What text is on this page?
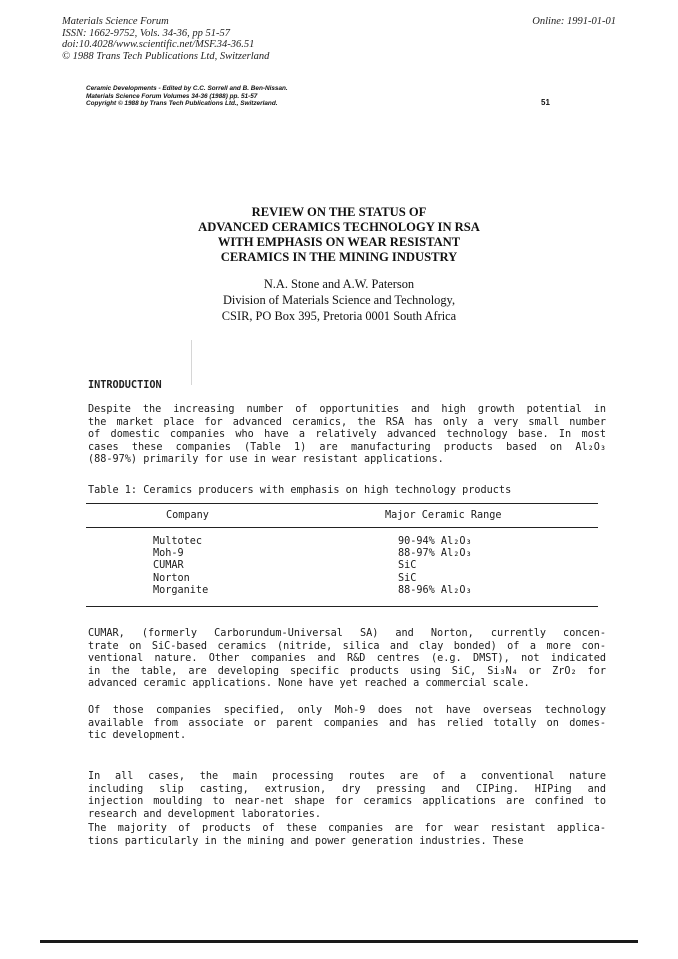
Materials Science Forum
ISSN: 1662-9752, Vols. 34-36, pp 51-57
doi:10.4028/www.scientific.net/MSF.34-36.51
© 1988 Trans Tech Publications Ltd, Switzerland
Online: 1991-01-01
Ceramic Developments - Edited by C.C. Sorrell and B. Ben-Nissan.
Materials Science Forum Volumes 34-36 (1988) pp. 51-57
Copyright © 1988 by Trans Tech Publications Ltd., Switzerland.	51
REVIEW ON THE STATUS OF
ADVANCED CERAMICS TECHNOLOGY IN RSA
WITH EMPHASIS ON WEAR RESISTANT
CERAMICS IN THE MINING INDUSTRY
N.A. Stone and A.W. Paterson
Division of Materials Science and Technology,
CSIR, PO Box 395, Pretoria 0001 South Africa
INTRODUCTION
Despite the increasing number of opportunities and high growth potential in
the market place for advanced ceramics, the RSA has only a very small number
of domestic companies who have a relatively advanced technology base. In most
cases these companies (Table 1) are manufacturing products based on Al₂O₃
(88-97%) primarily for use in wear resistant applications.
Table 1: Ceramics producers with emphasis on high technology products
Company	Major Ceramic Range
Multotec
Moh-9
CUMAR
Norton
Morganite
90-94% Al₂O₃
88-97% Al₂O₃
SiC
SiC
88-96% Al₂O₃
CUMAR, (formerly Carborundum-Universal SA) and Norton, currently concen-
trate on SiC-based ceramics (nitride, silica and clay bonded) of a more con-
ventional nature. Other companies and R&D centres (e.g. DMST), not indicated
in the table, are developing specific products using SiC, Si₃N₄ or ZrO₂ for
advanced ceramic applications. None have yet reached a commercial scale.
Of those companies specified, only Moh-9 does not have overseas technology
available from associate or parent companies and has relied totally on domes-
tic development.
In all cases, the main processing routes are of a conventional nature
including slip casting, extrusion, dry pressing and CIPing. HIPing and
injection moulding to near-net shape for ceramics applications are confined to
research and development laboratories.
The majority of products of these companies are for wear resistant applica-
tions particularly in the mining and power generation industries. These
